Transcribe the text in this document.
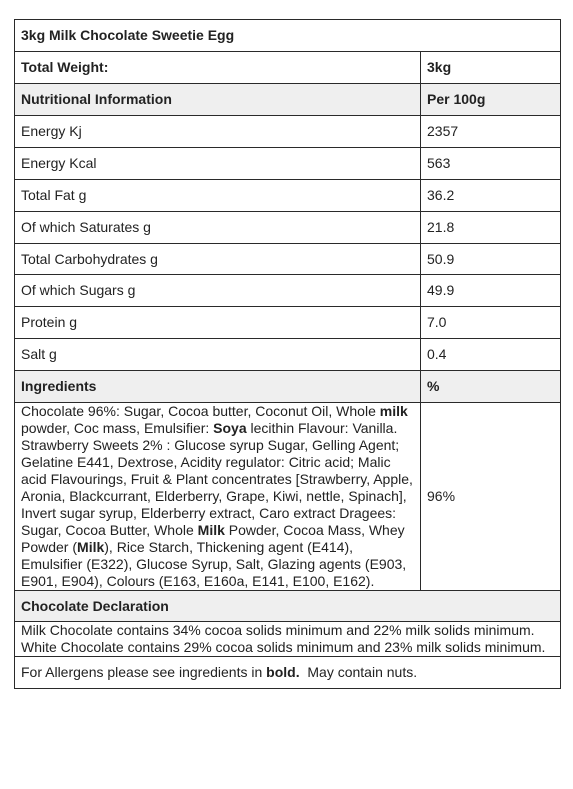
3kg Milk Chocolate Sweetie Egg	
Total Weight:	3kg
Nutritional Information	Per 100g
Energy Kj	2357
Energy Kcal	563
Total Fat g	36.2
Of which Saturates g	21.8
Total Carbohydrates g	50.9
Of which Sugars g	49.9
Protein g	7.0
Salt g	0.4
Ingredients	%
Chocolate 96%: Sugar, Cocoa butter, Coconut Oil, Whole milk powder, Coc mass, Emulsifier: Soya lecithin Flavour: Vanilla. Strawberry Sweets 2% : Glucose syrup Sugar, Gelling Agent; Gelatine E441, Dextrose, Acidity regulator: Citric acid; Malic acid Flavourings, Fruit & Plant concentrates [Strawberry, Apple, Aronia, Blackcurrant, Elderberry, Grape, Kiwi, nettle, Spinach], Invert sugar syrup, Elderberry extract, Caro extract Dragees: Sugar, Cocoa Butter, Whole Milk Powder, Cocoa Mass, Whey Powder (Milk), Rice Starch, Thickening agent (E414), Emulsifier (E322), Glucose Syrup, Salt, Glazing agents (E903, E901, E904), Colours (E163, E160a, E141, E100, E162).	96%
Chocolate Declaration	

Milk Chocolate contains 34% cocoa solids minimum and 22% milk solids minimum.
White Chocolate contains 29% cocoa solids minimum and 23% milk solids minimum.	

For Allergens please see ingredients in bold.  May contain nuts.	
